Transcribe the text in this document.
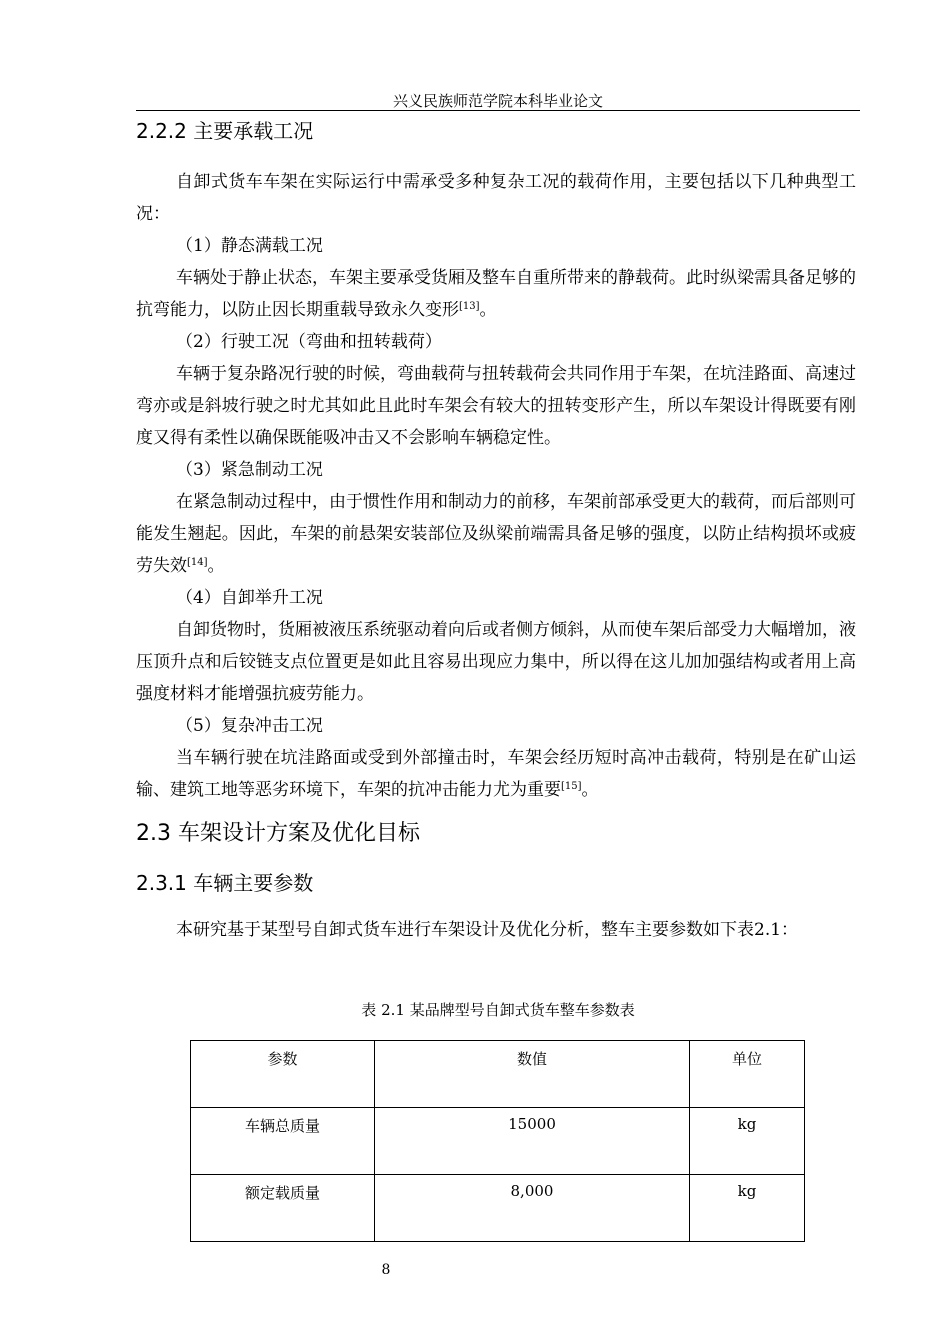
兴义民族师范学院本科毕业论文
2.2.2 主要承载工况
自卸式货车车架在实际运行中需承受多种复杂工况的载荷作用，主要包括以下几种典型工况：
（1）静态满载工况
车辆处于静止状态，车架主要承受货厢及整车自重所带来的静载荷。此时纵梁需具备足够的抗弯能力，以防止因长期重载导致永久变形[13]。
（2）行驶工况（弯曲和扭转载荷）
车辆于复杂路况行驶的时候，弯曲载荷与扭转载荷会共同作用于车架，在坑洼路面、高速过弯亦或是斜坡行驶之时尤其如此且此时车架会有较大的扭转变形产生，所以车架设计得既要有刚度又得有柔性以确保既能吸冲击又不会影响车辆稳定性。
（3）紧急制动工况
在紧急制动过程中，由于惯性作用和制动力的前移，车架前部承受更大的载荷，而后部则可能发生翘起。因此，车架的前悬架安装部位及纵梁前端需具备足够的强度，以防止结构损坏或疲劳失效[14]。
（4）自卸举升工况
自卸货物时，货厢被液压系统驱动着向后或者侧方倾斜，从而使车架后部受力大幅增加，液压顶升点和后铰链支点位置更是如此且容易出现应力集中，所以得在这儿加加强结构或者用上高强度材料才能增强抗疲劳能力。
（5）复杂冲击工况
当车辆行驶在坑洼路面或受到外部撞击时，车架会经历短时高冲击载荷，特别是在矿山运输、建筑工地等恶劣环境下，车架的抗冲击能力尤为重要[15]。
2.3 车架设计方案及优化目标
2.3.1 车辆主要参数
本研究基于某型号自卸式货车进行车架设计及优化分析，整车主要参数如下表2.1：
表 2.1 某品牌型号自卸式货车整车参数表
参数	数值	单位
车辆总质量	15000	kg
额定载质量	8,000	kg
8
